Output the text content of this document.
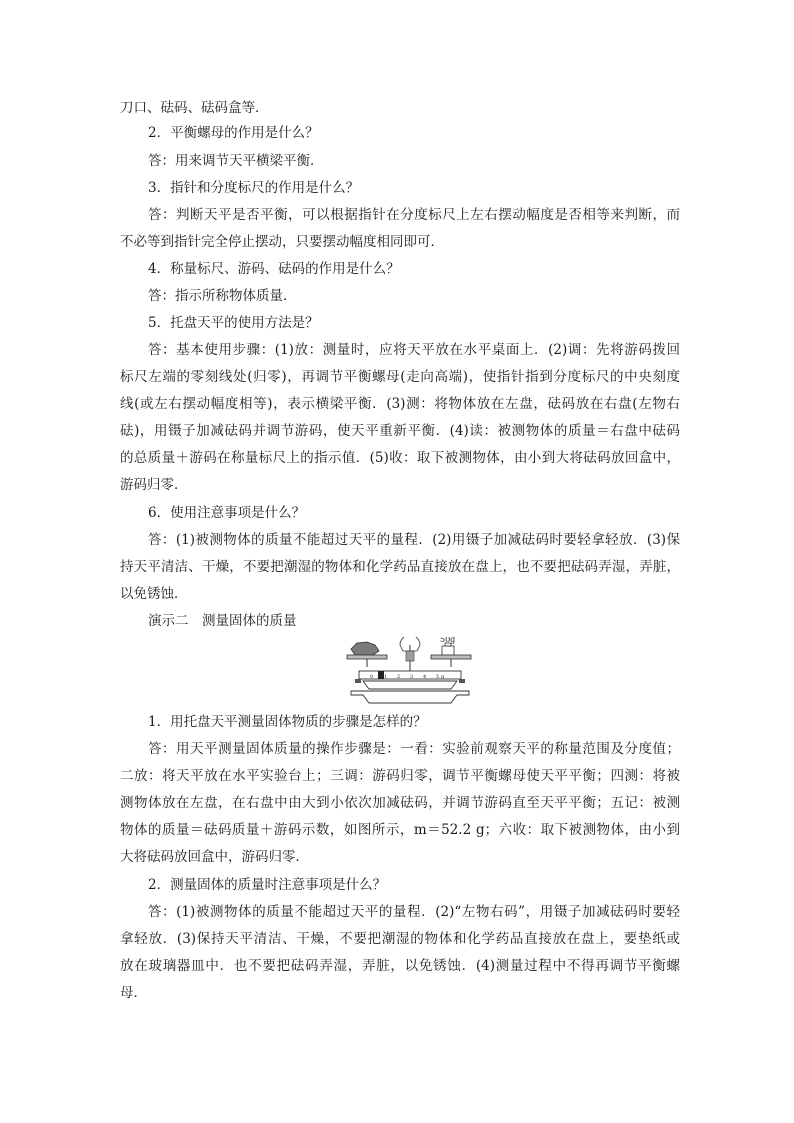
刀口、砝码、砝码盒等．
2．平衡螺母的作用是什么？
答：用来调节天平横梁平衡．
3．指针和分度标尺的作用是什么？
答：判断天平是否平衡，可以根据指针在分度标尺上左右摆动幅度是否相等来判断，而
不必等到指针完全停止摆动，只要摆动幅度相同即可．
4．称量标尺、游码、砝码的作用是什么？
答：指示所称物体质量．
5．托盘天平的使用方法是？
答：基本使用步骤：(1)放：测量时，应将天平放在水平桌面上．(2)调：先将游码拨回
标尺左端的零刻线处(归零)，再调节平衡螺母(走向高端)，使指针指到分度标尺的中央刻度
线(或左右摆动幅度相等)，表示横梁平衡．(3)测：将物体放在左盘，砝码放在右盘(左物右
砝)，用镊子加减砝码并调节游码，使天平重新平衡．(4)读：被测物体的质量＝右盘中砝码
的总质量＋游码在称量标尺上的指示值．(5)收：取下被测物体，由小到大将砝码放回盒中，
游码归零．
6．使用注意事项是什么？
答：(1)被测物体的质量不能超过天平的量程．(2)用镊子加减砝码时要轻拿轻放．(3)保
持天平清洁、干燥，不要把潮湿的物体和化学药品直接放在盘上，也不要把砝码弄湿，弄脏，
以免锈蚀．
演示二　测量固体的质量
50g
0 1 2 3 4 5 g
1．用托盘天平测量固体物质的步骤是怎样的？
答：用天平测量固体质量的操作步骤是：一看：实验前观察天平的称量范围及分度值；
二放：将天平放在水平实验台上；三调：游码归零，调节平衡螺母使天平平衡；四测：将被
测物体放在左盘，在右盘中由大到小依次加减砝码，并调节游码直至天平平衡；五记：被测
物体的质量＝砝码质量＋游码示数，如图所示，m＝52.2 g；六收：取下被测物体，由小到
大将砝码放回盒中，游码归零．
2．测量固体的质量时注意事项是什么？
答：(1)被测物体的质量不能超过天平的量程．(2)“左物右码”，用镊子加减砝码时要轻
拿轻放．(3)保持天平清洁、干燥，不要把潮湿的物体和化学药品直接放在盘上，要垫纸或
放在玻璃器皿中．也不要把砝码弄湿，弄脏，以免锈蚀．(4)测量过程中不得再调节平衡螺
母．
